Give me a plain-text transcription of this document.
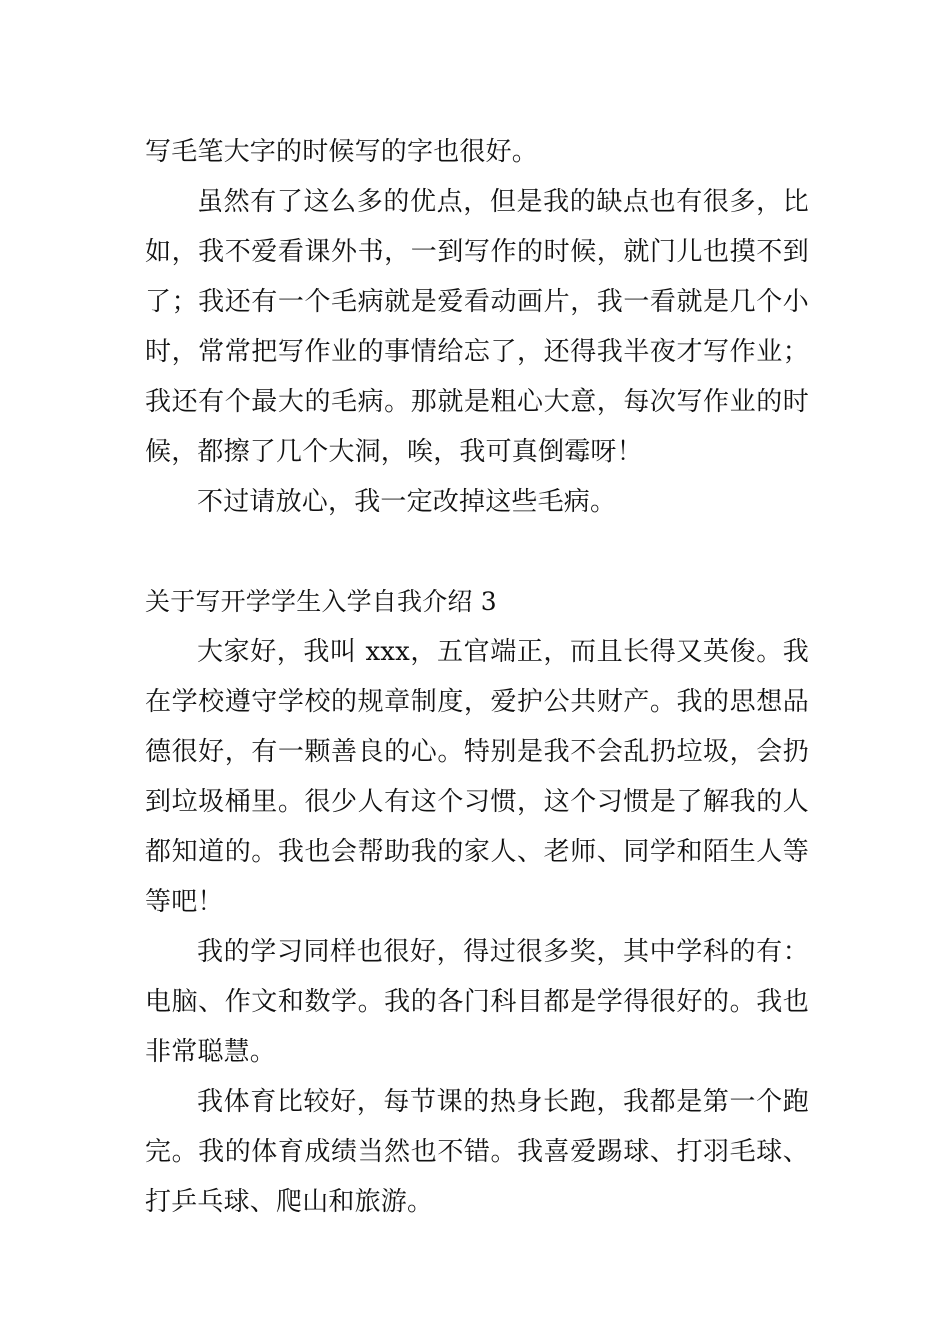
写毛笔大字的时候写的字也很好。

虽然有了这么多的优点，但是我的缺点也有很多，比如，我不爱看课外书，一到写作的时候，就门儿也摸不到了；我还有一个毛病就是爱看动画片，我一看就是几个小时，常常把写作业的事情给忘了，还得我半夜才写作业；我还有个最大的毛病。那就是粗心大意，每次写作业的时候，都擦了几个大洞，唉，我可真倒霉呀！

不过请放心，我一定改掉这些毛病。

关于写开学学生入学自我介绍 3

大家好，我叫 xxx，五官端正，而且长得又英俊。我在学校遵守学校的规章制度，爱护公共财产。我的思想品德很好，有一颗善良的心。特别是我不会乱扔垃圾，会扔到垃圾桶里。很少人有这个习惯，这个习惯是了解我的人都知道的。我也会帮助我的家人、老师、同学和陌生人等等吧！

我的学习同样也很好，得过很多奖，其中学科的有：电脑、作文和数学。我的各门科目都是学得很好的。我也非常聪慧。

我体育比较好，每节课的热身长跑，我都是第一个跑完。我的体育成绩当然也不错。我喜爱踢球、打羽毛球、打乒乓球、爬山和旅游。
